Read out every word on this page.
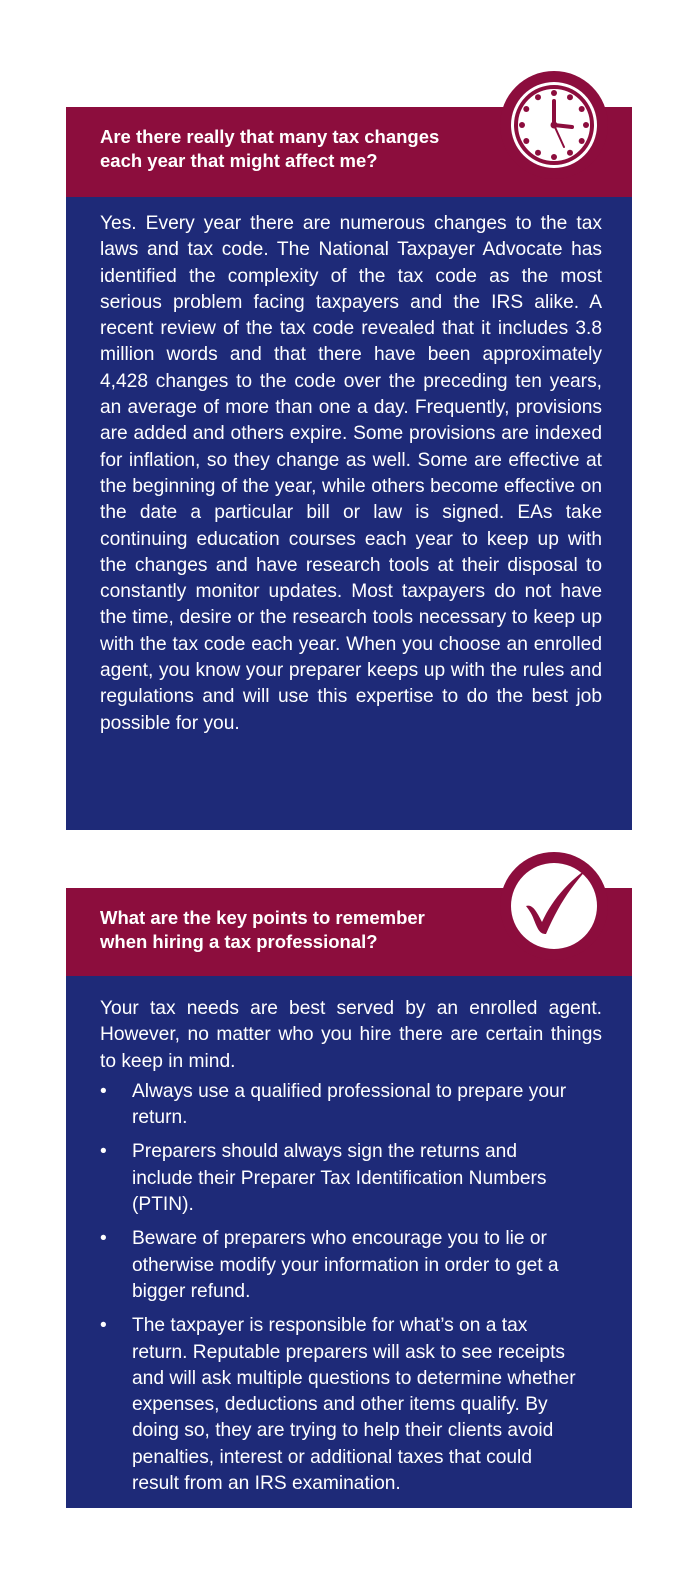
Are there really that many tax changes
each year that might affect me?

Yes. Every year there are numerous changes to the tax laws and tax code. The National Taxpayer Advocate has identified the complexity of the tax code as the most serious problem facing taxpayers and the IRS alike. A recent review of the tax code revealed that it includes 3.8 million words and that there have been approximately 4,428 changes to the code over the preceding ten years, an average of more than one a day. Frequently, provisions are added and others expire. Some provisions are indexed for inflation, so they change as well. Some are effective at the beginning of the year, while others become effective on the date a particular bill or law is signed. EAs take continuing education courses each year to keep up with the changes and have research tools at their disposal to constantly monitor updates. Most taxpayers do not have the time, desire or the research tools necessary to keep up with the tax code each year. When you choose an enrolled agent, you know your preparer keeps up with the rules and regulations and will use this expertise to do the best job possible for you.

What are the key points to remember
when hiring a tax professional?

Your tax needs are best served by an enrolled agent. However, no matter who you hire there are certain things to keep in mind.

• Always use a qualified professional to prepare your return.
• Preparers should always sign the returns and include their Preparer Tax Identification Numbers (PTIN).
• Beware of preparers who encourage you to lie or otherwise modify your information in order to get a bigger refund.
• The taxpayer is responsible for what’s on a tax return. Reputable preparers will ask to see receipts and will ask multiple questions to determine whether expenses, deductions and other items qualify. By doing so, they are trying to help their clients avoid penalties, interest or additional taxes that could result from an IRS examination.
